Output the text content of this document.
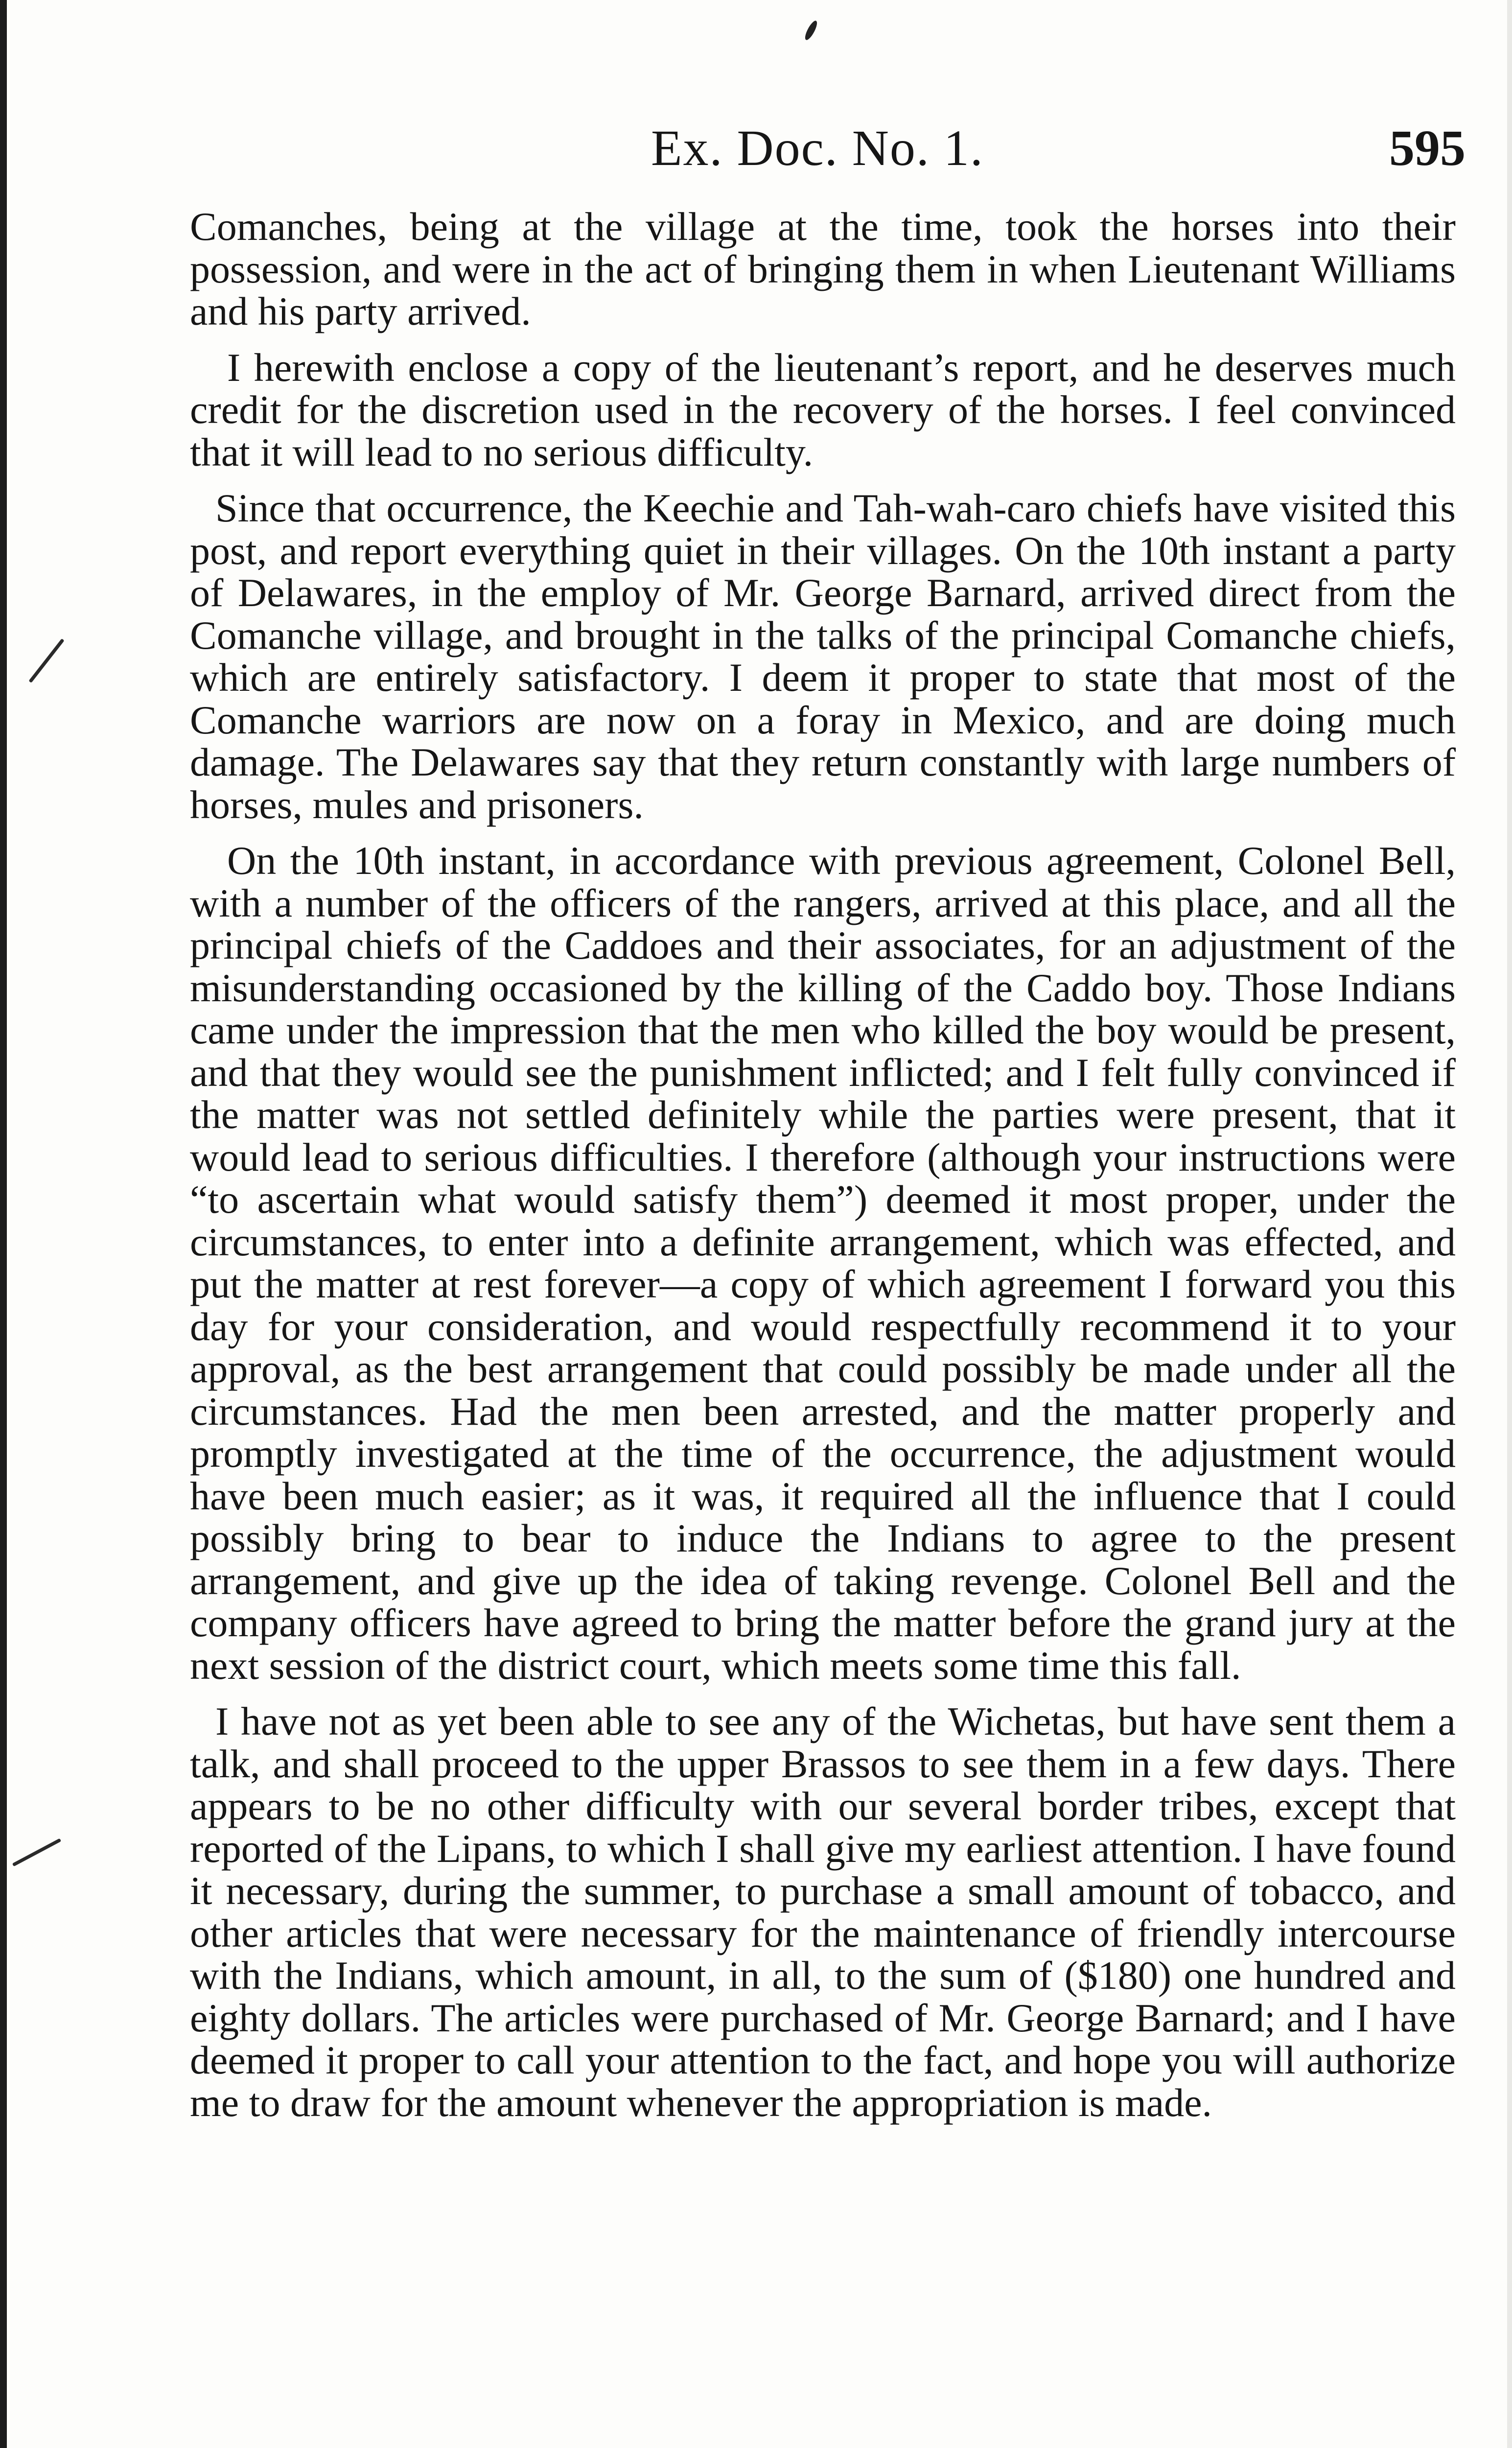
Ex. Doc. No. 1.	595

Comanches, being at the village at the time, took the horses into their possession, and were in the act of bringing them in when Lieutenant Williams and his party arrived.

I herewith enclose a copy of the lieutenant’s report, and he deserves much credit for the discretion used in the recovery of the horses. I feel convinced that it will lead to no serious difficulty.

Since that occurrence, the Keechie and Tah-wah-caro chiefs have visited this post, and report everything quiet in their villages. On the 10th instant a party of Delawares, in the employ of Mr. George Barnard, arrived direct from the Comanche village, and brought in the talks of the principal Comanche chiefs, which are entirely satisfactory. I deem it proper to state that most of the Comanche warriors are now on a foray in Mexico, and are doing much damage. The Delawares say that they return constantly with large numbers of horses, mules and prisoners.

On the 10th instant, in accordance with previous agreement, Colonel Bell, with a number of the officers of the rangers, arrived at this place, and all the principal chiefs of the Caddoes and their associates, for an adjustment of the misunderstanding occasioned by the killing of the Caddo boy. Those Indians came under the impression that the men who killed the boy would be present, and that they would see the punishment inflicted; and I felt fully convinced if the matter was not settled definitely while the parties were present, that it would lead to serious difficulties. I therefore (although your instructions were “to ascertain what would satisfy them”) deemed it most proper, under the circumstances, to enter into a definite arrangement, which was effected, and put the matter at rest forever—a copy of which agreement I forward you this day for your consideration, and would respectfully recommend it to your approval, as the best arrangement that could possibly be made under all the circumstances. Had the men been arrested, and the matter properly and promptly investigated at the time of the occurrence, the adjustment would have been much easier; as it was, it required all the influence that I could possibly bring to bear to induce the Indians to agree to the present arrangement, and give up the idea of taking revenge. Colonel Bell and the company officers have agreed to bring the matter before the grand jury at the next session of the district court, which meets some time this fall.

I have not as yet been able to see any of the Wichetas, but have sent them a talk, and shall proceed to the upper Brassos to see them in a few days. There appears to be no other difficulty with our several border tribes, except that reported of the Lipans, to which I shall give my earliest attention. I have found it necessary, during the summer, to purchase a small amount of tobacco, and other articles that were necessary for the maintenance of friendly intercourse with the Indians, which amount, in all, to the sum of ($180) one hundred and eighty dollars. The articles were purchased of Mr. George Barnard; and I have deemed it proper to call your attention to the fact, and hope you will authorize me to draw for the amount whenever the appropriation is made.
